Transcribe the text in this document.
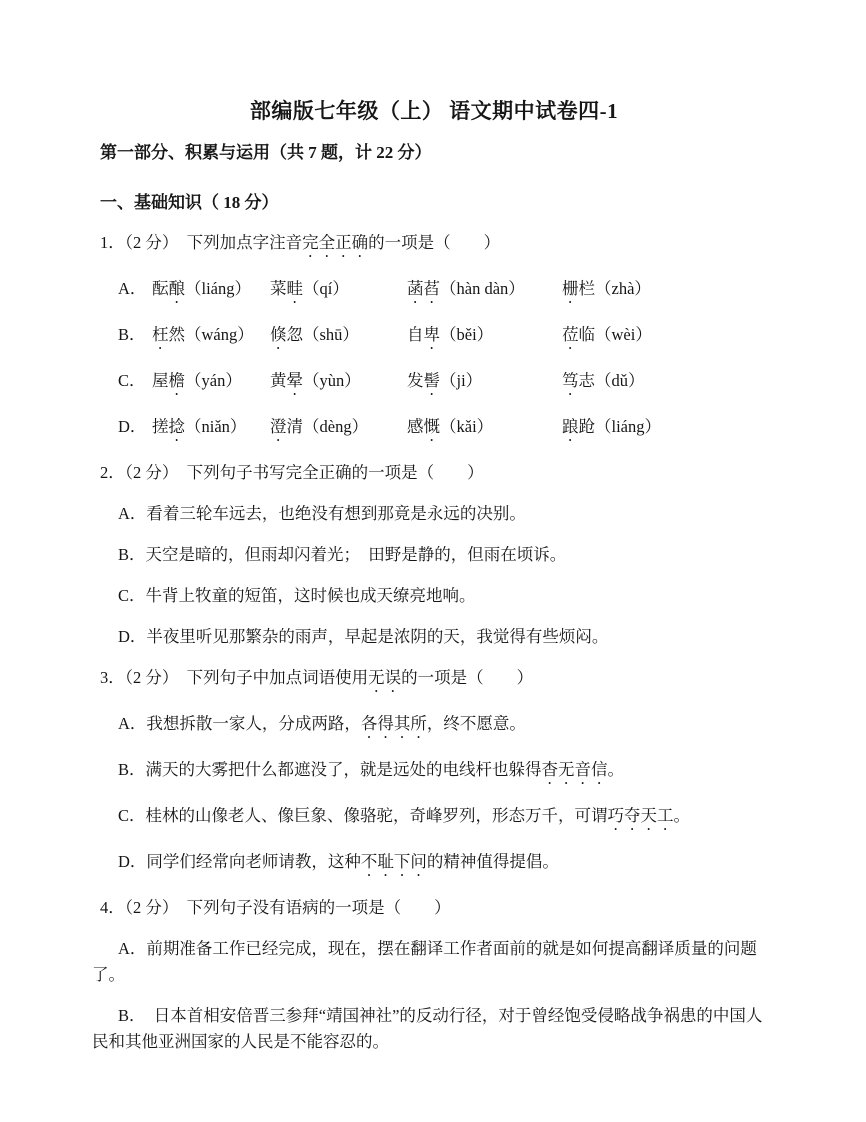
部编版七年级（上） 语文期中试卷四-1
第一部分、积累与运用（共 7 题，计 22 分）
一、基础知识（ 18 分）

1．（2 分）　下列加点字注音完全正确的一项是（　　）

A． 酝酿（liáng） 菜畦（qí）	菡萏（hàn dàn） 栅栏（zhà）

B． 枉然（wáng） 倏忽（shū）	自卑（běi）	莅临（wèi）

C． 屋檐（yán） 黄晕（yùn）	发髻（ji）	笃志（dǔ）

D． 搓捻（niǎn） 澄清（dèng） 感慨（kǎi）	踉跄（liáng）

2．（2 分）　下列句子书写完全正确的一项是（　　）

A．看着三轮车远去，也绝没有想到那竟是永远的决别。

B．天空是暗的，但雨却闪着光；　田野是静的，但雨在顷诉。

C．牛背上牧童的短笛，这时候也成天缭亮地响。

D．半夜里听见那繁杂的雨声，早起是浓阴的天，我觉得有些烦闷。

3．（2 分）　下列句子中加点词语使用无误的一项是（　　）

A．我想拆散一家人，分成两路，各得其所，终不愿意。

B．满天的大雾把什么都遮没了，就是远处的电线杆也躲得杳无音信。

C．桂林的山像老人、像巨象、像骆驼，奇峰罗列，形态万千，可谓巧夺天工。

D．同学们经常向老师请教，这种不耻下问的精神值得提倡。

4．（2 分）　下列句子没有语病的一项是（　　）

A．前期准备工作已经完成，现在，摆在翻译工作者面前的就是如何提高翻译质量的问题了。

B．　日本首相安倍晋三参拜“靖国神社”的反动行径，对于曾经饱受侵略战争祸患的中国人民和其他亚洲国家的人民是不能容忍的。
